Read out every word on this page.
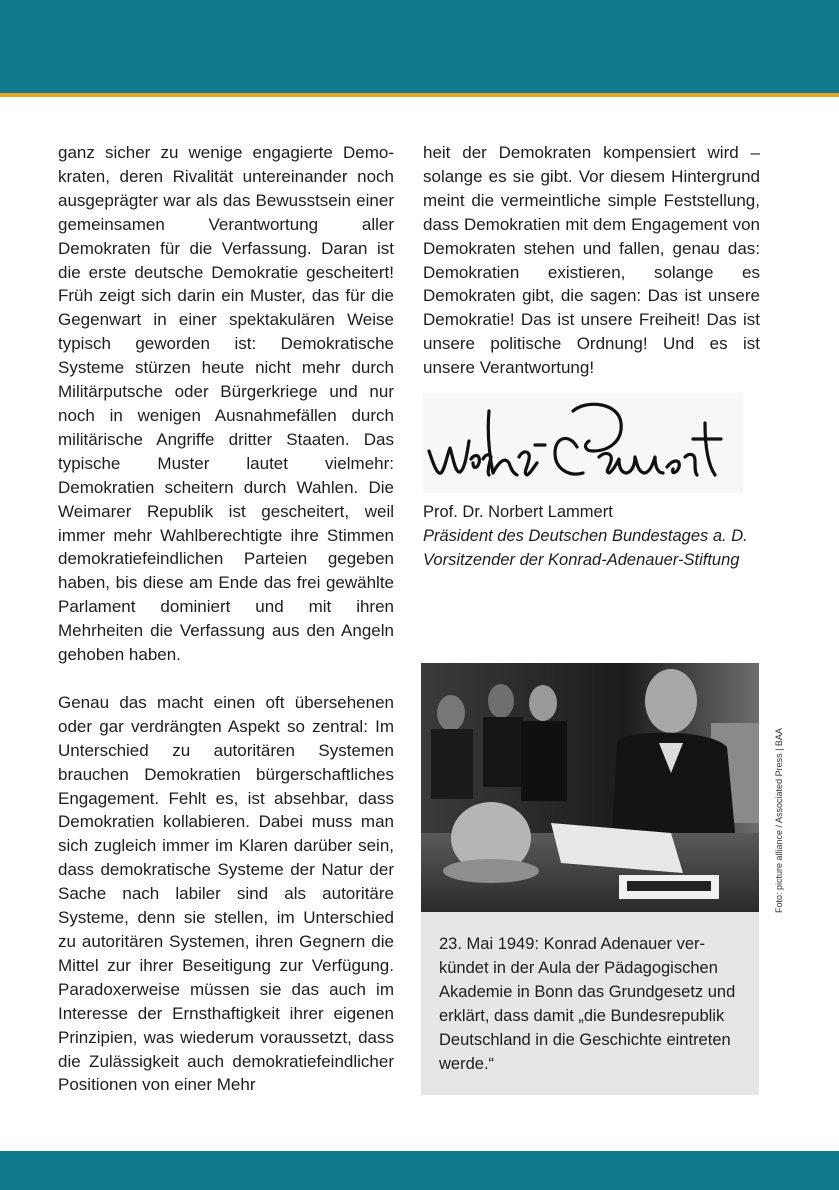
ganz sicher zu wenige engagierte Demokraten, deren Rivalität untereinander noch ausgeprägter war als das Bewusstsein einer gemeinsamen Verantwortung aller Demokraten für die Verfassung. Daran ist die erste deutsche Demokratie gescheitert! Früh zeigt sich darin ein Muster, das für die Gegenwart in einer spektakulären Weise typisch geworden ist: Demokratische Systeme stürzen heute nicht mehr durch Militärputsche oder Bürgerkriege und nur noch in wenigen Ausnahmefällen durch militärische Angriffe dritter Staaten. Das typische Muster lautet vielmehr: Demokratien scheitern durch Wahlen. Die Weimarer Republik ist gescheitert, weil immer mehr Wahlberechtigte ihre Stimmen demokratiefeindlichen Parteien gegeben haben, bis diese am Ende das frei gewählte Parlament dominiert und mit ihren Mehrheiten die Verfassung aus den Angeln gehoben haben.

Genau das macht einen oft übersehenen oder gar verdrängten Aspekt so zentral: Im Unterschied zu autoritären Systemen brauchen Demokratien bürgerschaftliches Engagement. Fehlt es, ist absehbar, dass Demokratien kollabieren. Dabei muss man sich zugleich immer im Klaren darüber sein, dass demokratische Systeme der Natur der Sache nach labiler sind als autoritäre Systeme, denn sie stellen, im Unterschied zu autoritären Systemen, ihren Gegnern die Mittel zur ihrer Beseitigung zur Verfügung. Paradoxerweise müssen sie das auch im Interesse der Ernsthaftigkeit ihrer eigenen Prinzipien, was wiederum voraussetzt, dass die Zulässigkeit auch demokratiefeindlicher Positionen von einer Mehr

heit der Demokraten kompensiert wird – solange es sie gibt. Vor diesem Hintergrund meint die vermeintliche simple Feststellung, dass Demokratien mit dem Engagement von Demokraten stehen und fallen, genau das: Demokratien existieren, solange es Demokraten gibt, die sagen: Das ist unsere Demokratie! Das ist unsere Freiheit! Das ist unsere politische Ordnung! Und es ist unsere Verantwortung!

Prof. Dr. Norbert Lammert
Präsident des Deutschen Bundestages a. D.
Vorsitzender der Konrad-Adenauer-Stiftung
Foto: picture alliance / Associated Press | BAA

23. Mai 1949: Konrad Adenauer verkündet in der Aula der Pädagogischen Akademie in Bonn das Grundgesetz und erklärt, dass damit „die Bundesrepublik Deutschland in die Geschichte eintreten werde.“
